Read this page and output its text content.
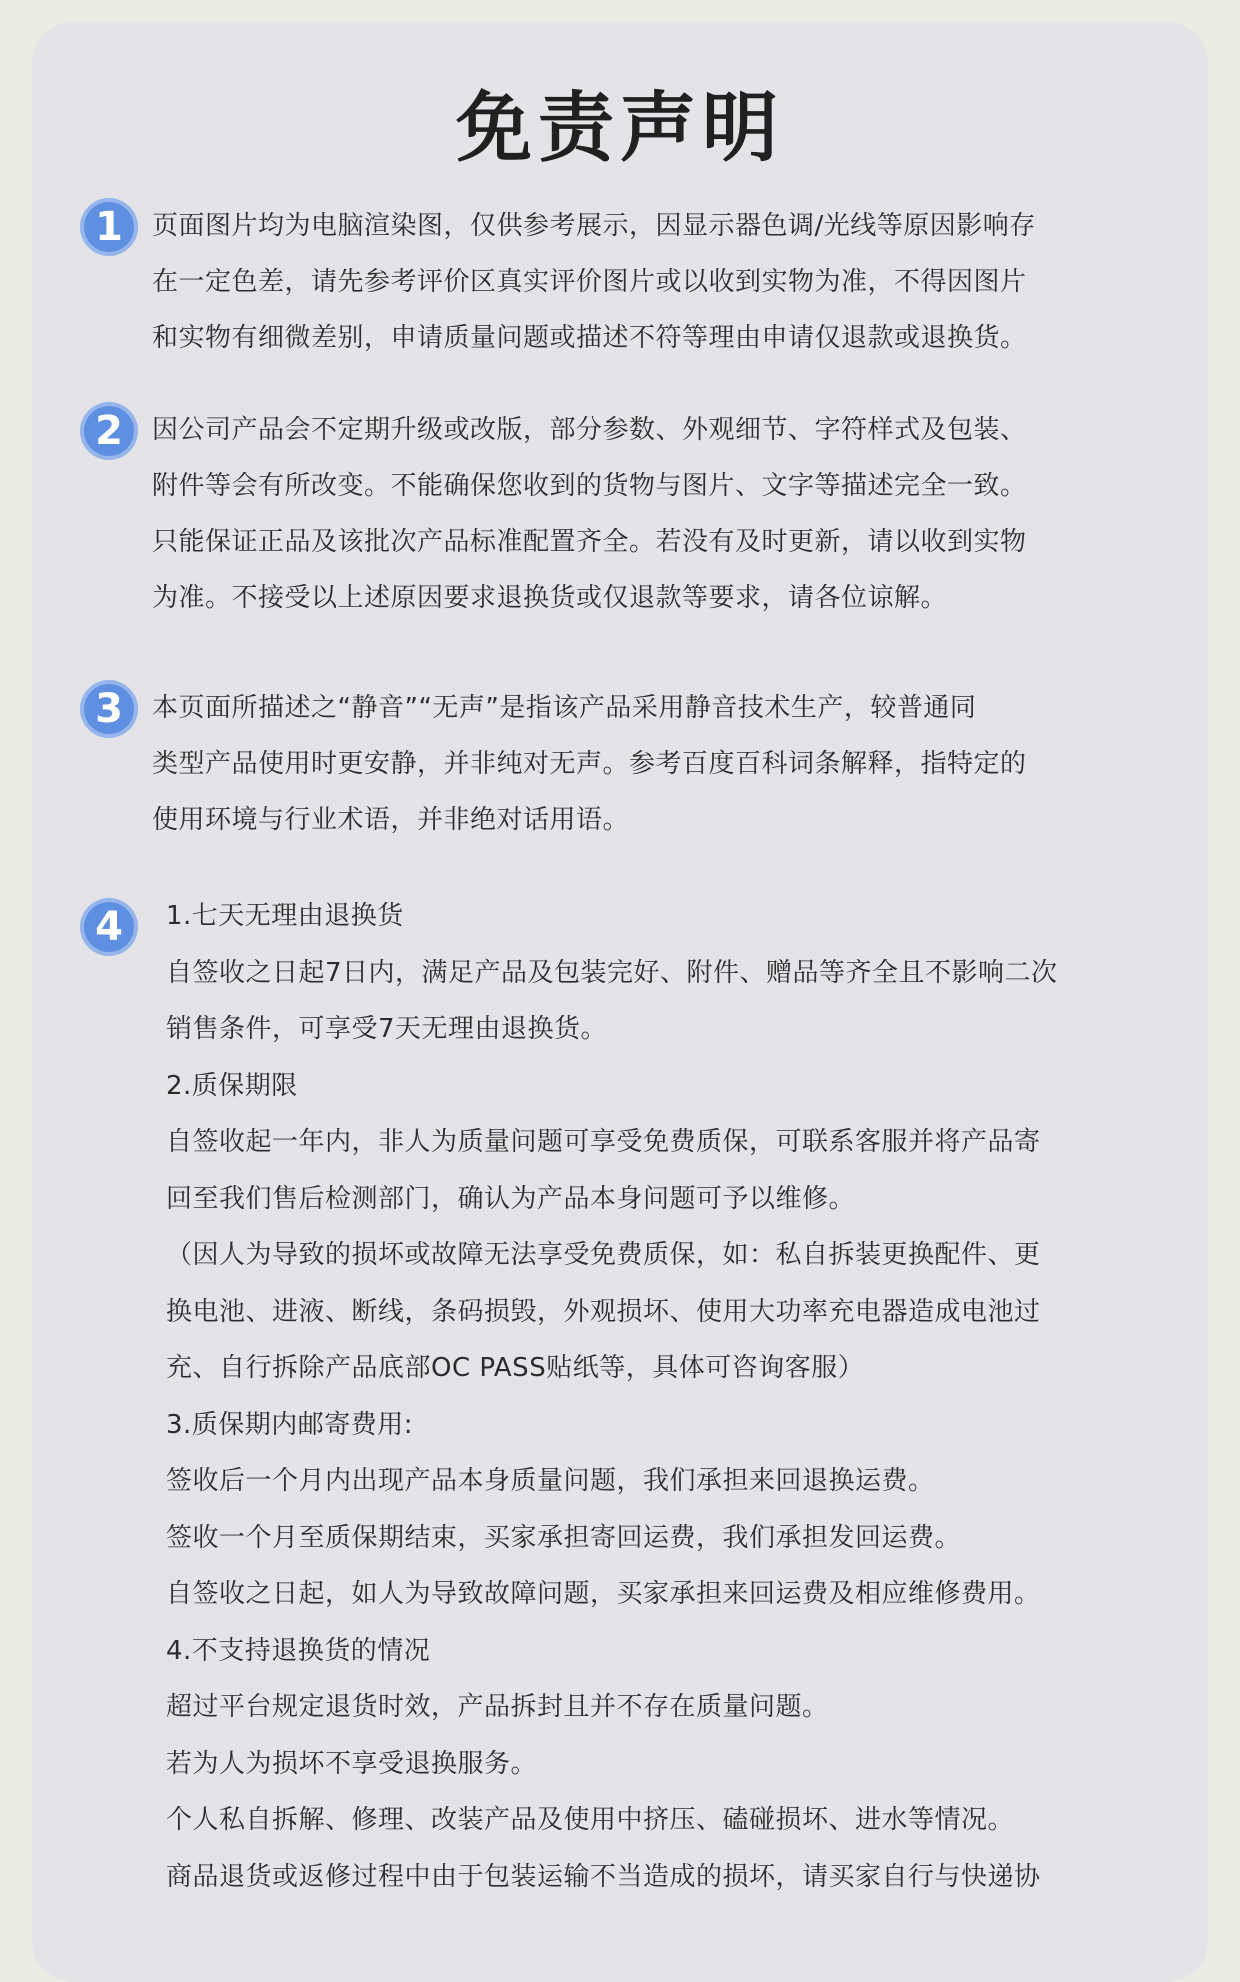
免责声明
1	页面图片均为电脑渲染图，仅供参考展示，因显示器色调/光线等原因影响存

在一定色差，请先参考评价区真实评价图片或以收到实物为准，不得因图片

和实物有细微差别，申请质量问题或描述不符等理由申请仅退款或退换货。

2	因公司产品会不定期升级或改版，部分参数、外观细节、字符样式及包装、

附件等会有所改变。不能确保您收到的货物与图片、文字等描述完全一致。

只能保证正品及该批次产品标准配置齐全。若没有及时更新，请以收到实物

为准。不接受以上述原因要求退换货或仅退款等要求，请各位谅解。

3	本页面所描述之“静音”“无声”是指该产品采用静音技术生产，较普通同

类型产品使用时更安静，并非纯对无声。参考百度百科词条解释，指特定的

使用环境与行业术语，并非绝对话用语。

4	1.七天无理由退换货

自签收之日起7日内，满足产品及包装完好、附件、赠品等齐全且不影响二次

销售条件，可享受7天无理由退换货。

2.质保期限

自签收起一年内，非人为质量问题可享受免费质保，可联系客服并将产品寄

回至我们售后检测部门，确认为产品本身问题可予以维修。

（因人为导致的损坏或故障无法享受免费质保，如：私自拆装更换配件、更

换电池、进液、断线，条码损毁，外观损坏、使用大功率充电器造成电池过

充、自行拆除产品底部OC PASS贴纸等，具体可咨询客服）

3.质保期内邮寄费用:

签收后一个月内出现产品本身质量问题，我们承担来回退换运费。

签收一个月至质保期结束，买家承担寄回运费，我们承担发回运费。

自签收之日起，如人为导致故障问题，买家承担来回运费及相应维修费用。

4.不支持退换货的情况

超过平台规定退货时效，产品拆封且并不存在质量问题。

若为人为损坏不享受退换服务。

个人私自拆解、修理、改装产品及使用中挤压、磕碰损坏、进水等情况。

商品退货或返修过程中由于包装运输不当造成的损坏，请买家自行与快递协
